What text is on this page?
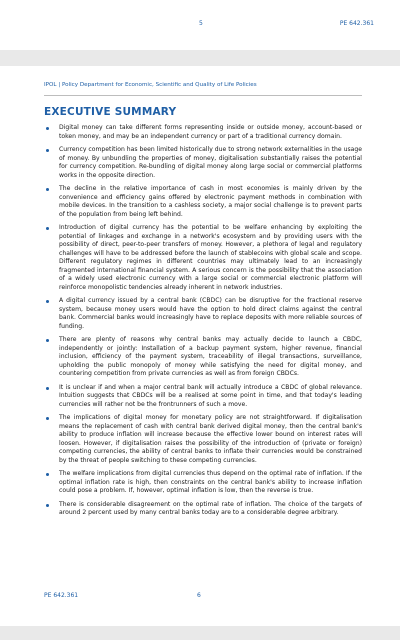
5	PE 642.361
IPOL | Policy Department for Economic, Scientific and Quality of Life Policies
EXECUTIVE SUMMARY
Digital money can take different forms representing inside or outside money, account-based or token money, and may be an independent currency or part of a traditional currency domain.
Currency competition has been limited historically due to strong network externalities in the usage of money. By unbundling the properties of money, digitalisation substantially raises the potential for currency competition. Re-bundling of digital money along large social or commercial platforms works in the opposite direction.
The decline in the relative importance of cash in most economies is mainly driven by the convenience and efficiency gains offered by electronic payment methods in combination with mobile devices. In the transition to a cashless society, a major social challenge is to prevent parts of the population from being left behind.
Introduction of digital currency has the potential to be welfare enhancing by exploiting the potential of linkages and exchange in a network's ecosystem and by providing users with the possibility of direct, peer-to-peer transfers of money. However, a plethora of legal and regulatory challenges will have to be addressed before the launch of stablecoins with global scale and scope. Different regulatory regimes in different countries may ultimately lead to an increasingly fragmented international financial system. A serious concern is the possibility that the association of a widely used electronic currency with a large social or commercial electronic platform will reinforce monopolistic tendencies already inherent in network industries.
A digital currency issued by a central bank (CBDC) can be disruptive for the fractional reserve system, because money users would have the option to hold direct claims against the central bank. Commercial banks would increasingly have to replace deposits with more reliable sources of funding.
There are plenty of reasons why central banks may actually decide to launch a CBDC, independently or jointly: Installation of a backup payment system, higher revenue, financial inclusion, efficiency of the payment system, traceability of illegal transactions, surveillance, upholding the public monopoly of money while satisfying the need for digital money, and countering competition from private currencies as well as from foreign CBDCs.
It is unclear if and when a major central bank will actually introduce a CBDC of global relevance. Intuition suggests that CBDCs will be a realised at some point in time, and that today's leading currencies will rather not be the frontrunners of such a move.
The implications of digital money for monetary policy are not straightforward. If digitalisation means the replacement of cash with central bank derived digital money, then the central bank's ability to produce inflation will increase because the effective lower bound on interest rates will loosen. However, if digitalisation raises the possibility of the introduction of (private or foreign) competing currencies, the ability of central banks to inflate their currencies would be constrained by the threat of people switching to these competing currencies.
The welfare implications from digital currencies thus depend on the optimal rate of inflation. If the optimal inflation rate is high, then constraints on the central bank's ability to increase inflation could pose a problem. If, however, optimal inflation is low, then the reverse is true.
There is considerable disagreement on the optimal rate of inflation. The choice of the targets of around 2 percent used by many central banks today are to a considerable degree arbitrary.
PE 642.361	6
